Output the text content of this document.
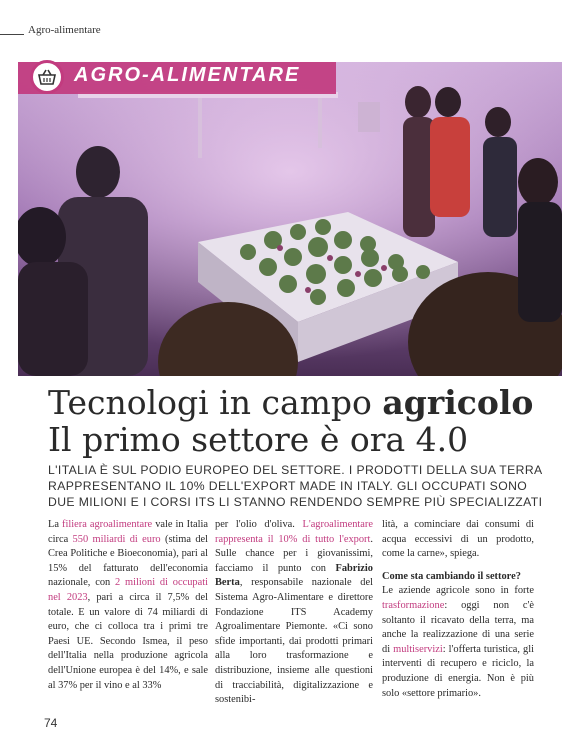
Agro-alimentare
AGRO-ALIMENTARE
Tecnologi in campo agricolo
Il primo settore è ora 4.0

L'ITALIA È SUL PODIO EUROPEO DEL SETTORE. I PRODOTTI DELLA SUA TERRA RAPPRESENTANO IL 10% DELL'EXPORT MADE IN ITALY. GLI OCCUPATI SONO DUE MILIONI E I CORSI ITS LI STANNO RENDENDO SEMPRE PIÙ SPECIALIZZATI

La filiera agroalimentare vale in Italia circa 550 miliardi di euro (stima del Crea Politiche e Bioeconomia), pari al 15% del fatturato dell'economia nazionale, con 2 milioni di occupati nel 2023, pari a circa il 7,5% del totale. E un valore di 74 miliardi di euro, che ci colloca tra i primi tre Paesi UE. Secondo Ismea, il peso dell'Italia nella produzione agricola dell'Unione europea è del 14%, e sale al 37% per il vino e al 33%
per l'olio d'oliva. L'agroalimentare rappresenta il 10% di tutto l'export. Sulle chance per i giovanissimi, facciamo il punto con Fabrizio Berta, responsabile nazionale del Sistema Agro-Alimentare e direttore Fondazione ITS Academy Agroalimentare Piemonte. «Ci sono sfide importanti, dai prodotti primari alla loro trasformazione e distribuzione, insieme alle questioni di tracciabilità, digitalizzazione e sostenibi-
lità, a cominciare dai consumi di acqua eccessivi di un prodotto, come la carne», spiega.
Come sta cambiando il settore?
Le aziende agricole sono in forte trasformazione: oggi non c'è soltanto il ricavato della terra, ma anche la realizzazione di una serie di multiservizi: l'offerta turistica, gli interventi di recupero e riciclo, la produzione di energia. Non è più solo «settore primario».
74
